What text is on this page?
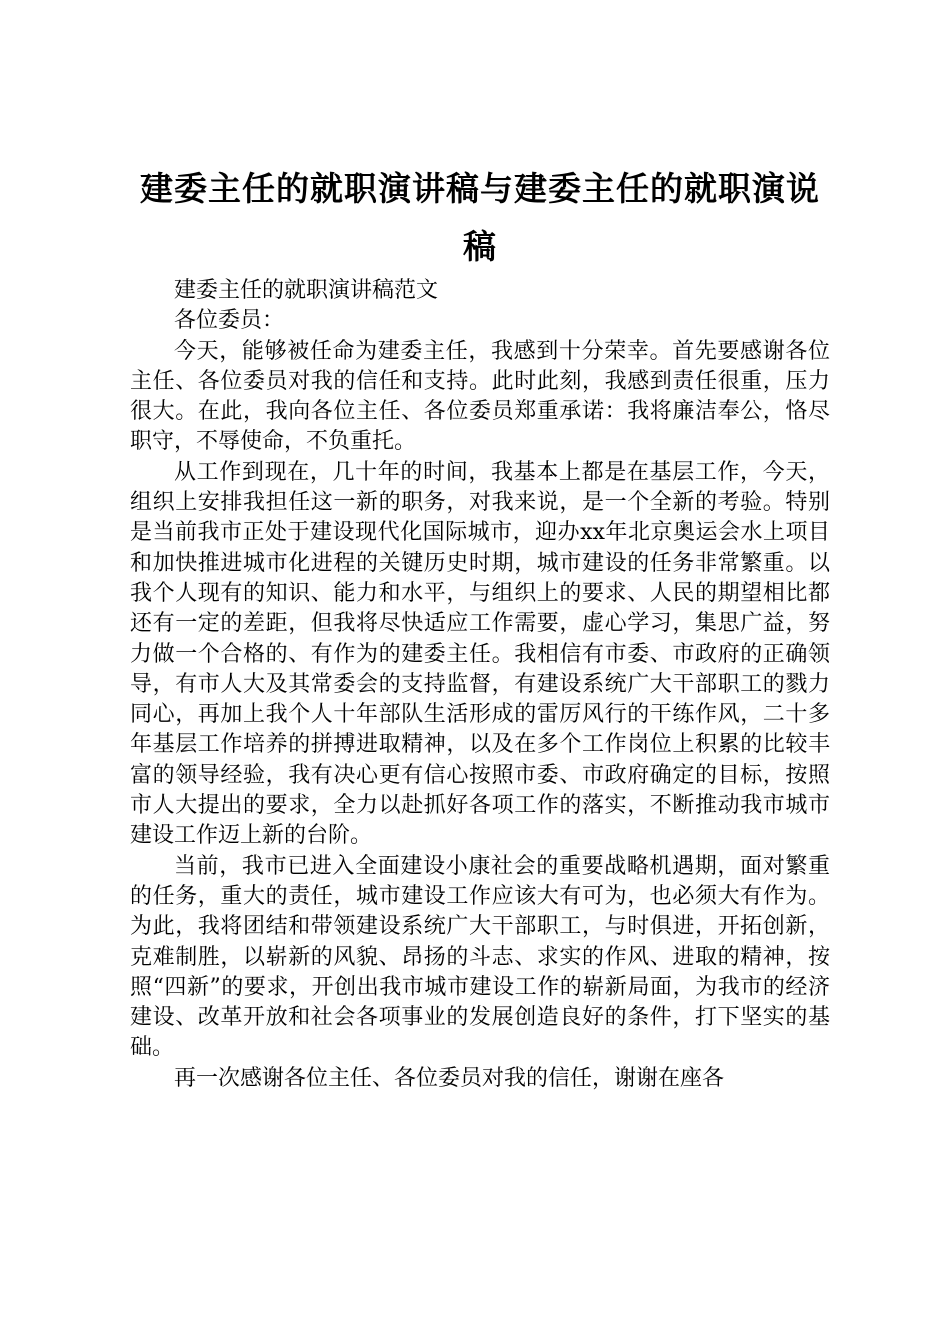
建委主任的就职演讲稿与建委主任的就职演说稿

建委主任的就职演讲稿范文

各位委员：

今天，能够被任命为建委主任，我感到十分荣幸。首先要感谢各位主任、各位委员对我的信任和支持。此时此刻，我感到责任很重，压力很大。在此，我向各位主任、各位委员郑重承诺：我将廉洁奉公，恪尽职守，不辱使命，不负重托。

从工作到现在，几十年的时间，我基本上都是在基层工作，今天，组织上安排我担任这一新的职务，对我来说，是一个全新的考验。特别是当前我市正处于建设现代化国际城市，迎办xx年北京奥运会水上项目和加快推进城市化进程的关键历史时期，城市建设的任务非常繁重。以我个人现有的知识、能力和水平，与组织上的要求、人民的期望相比都还有一定的差距，但我将尽快适应工作需要，虚心学习，集思广益，努力做一个合格的、有作为的建委主任。我相信有市委、市政府的正确领导，有市人大及其常委会的支持监督，有建设系统广大干部职工的戮力同心，再加上我个人十年部队生活形成的雷厉风行的干练作风，二十多年基层工作培养的拼搏进取精神，以及在多个工作岗位上积累的比较丰富的领导经验，我有决心更有信心按照市委、市政府确定的目标，按照市人大提出的要求，全力以赴抓好各项工作的落实，不断推动我市城市建设工作迈上新的台阶。

当前，我市已进入全面建设小康社会的重要战略机遇期，面对繁重的任务，重大的责任，城市建设工作应该大有可为，也必须大有作为。为此，我将团结和带领建设系统广大干部职工，与时俱进，开拓创新，克难制胜，以崭新的风貌、昂扬的斗志、求实的作风、进取的精神，按照“四新”的要求，开创出我市城市建设工作的崭新局面，为我市的经济建设、改革开放和社会各项事业的发展创造良好的条件，打下坚实的基础。

再一次感谢各位主任、各位委员对我的信任，谢谢在座各
